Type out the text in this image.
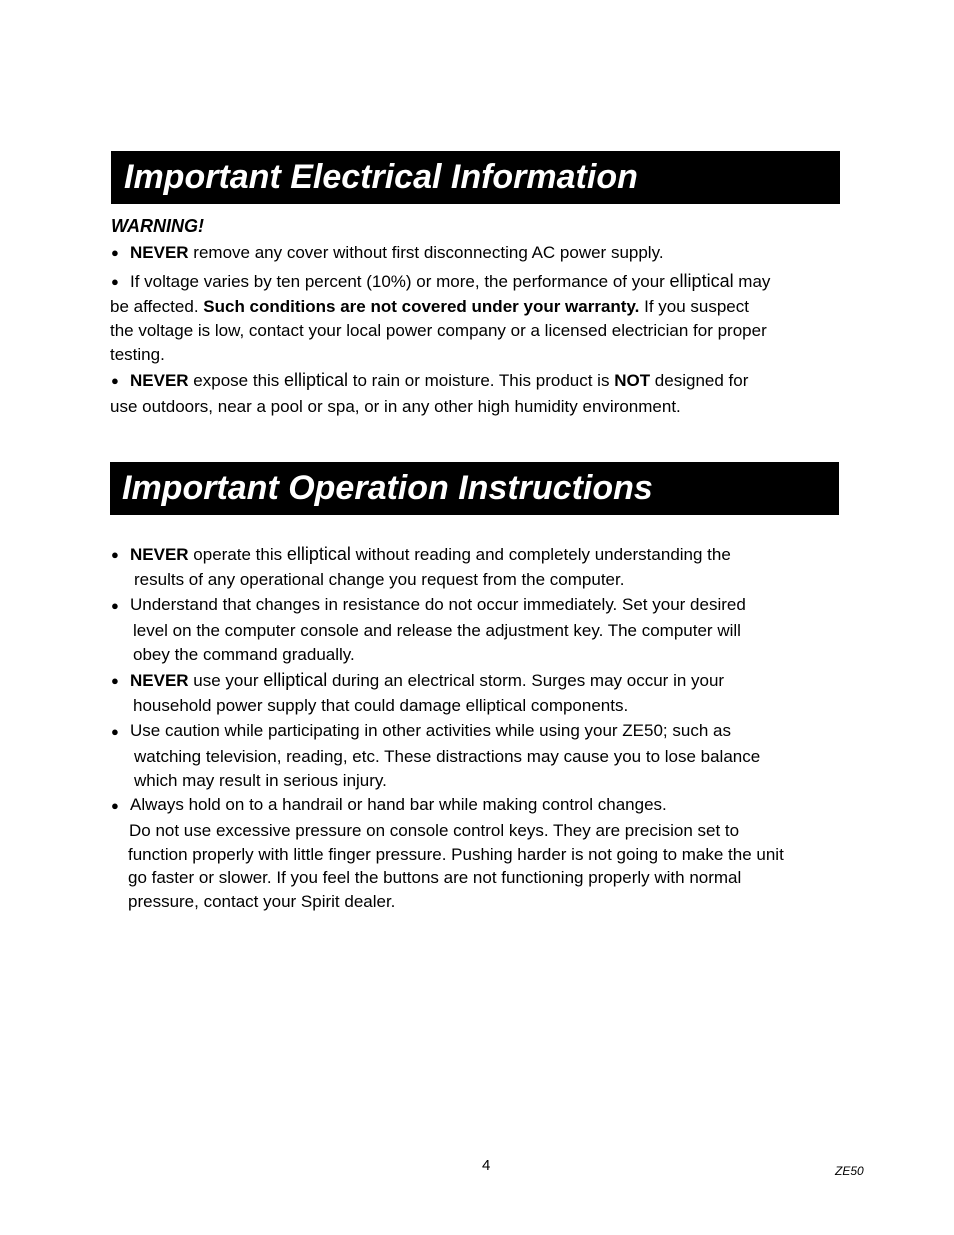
Important Electrical Information
WARNING!
● NEVER remove any cover without first disconnecting AC power supply.
● If voltage varies by ten percent (10%) or more, the performance of your elliptical may
be affected. Such conditions are not covered under your warranty. If you suspect
the voltage is low, contact your local power company or a licensed electrician for proper
testing.
● NEVER expose this elliptical to rain or moisture. This product is NOT designed for
use outdoors, near a pool or spa, or in any other high humidity environment.
Important Operation Instructions
● NEVER operate this elliptical without reading and completely understanding the
results of any operational change you request from the computer.
● Understand that changes in resistance do not occur immediately. Set your desired
level on the computer console and release the adjustment key. The computer will
obey the command gradually.
● NEVER use your elliptical during an electrical storm. Surges may occur in your
household power supply that could damage elliptical components.
● Use caution while participating in other activities while using your ZE50; such as
watching television, reading, etc. These distractions may cause you to lose balance
which may result in serious injury.
● Always hold on to a handrail or hand bar while making control changes.
Do not use excessive pressure on console control keys. They are precision set to
function properly with little finger pressure. Pushing harder is not going to make the unit
go faster or slower. If you feel the buttons are not functioning properly with normal
pressure, contact your Spirit dealer.
4	ZE50
